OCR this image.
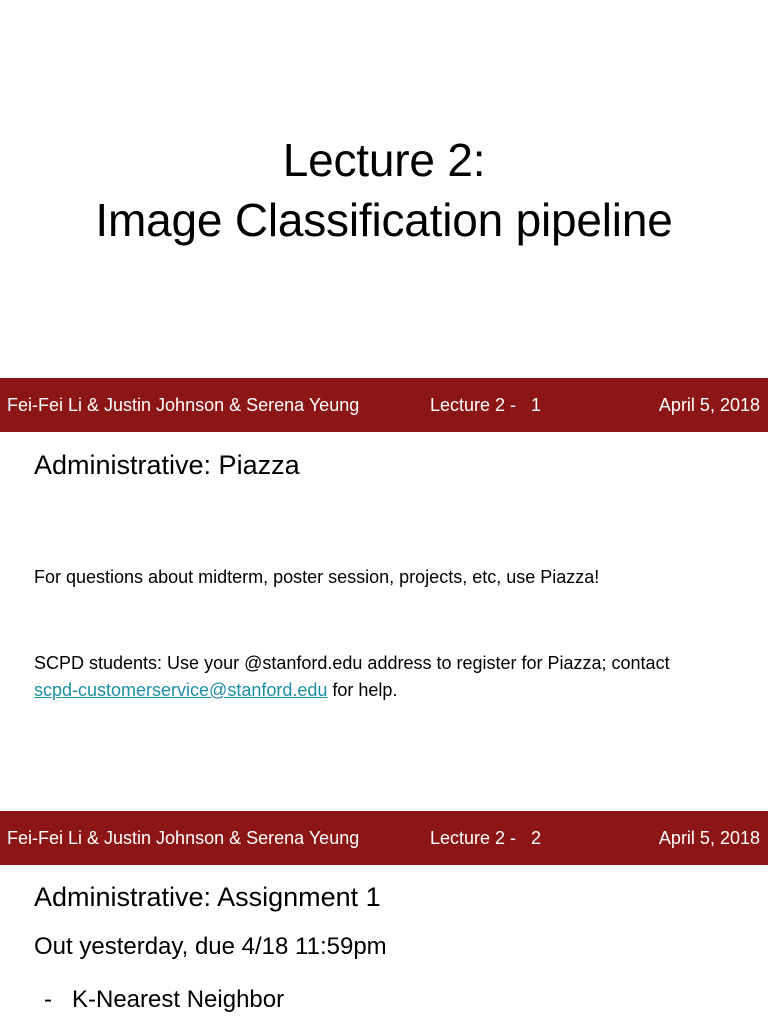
Lecture 2:
Image Classification pipeline
Fei-Fei Li & Justin Johnson & Serena Yeung	Lecture 2 -   1	April 5, 2018
Administrative: Piazza
For questions about midterm, poster session, projects, etc, use Piazza!
SCPD students: Use your @stanford.edu address to register for Piazza; contact
scpd-customerservice@stanford.edu for help.
Fei-Fei Li & Justin Johnson & Serena Yeung	Lecture 2 -   2	April 5, 2018
Administrative: Assignment 1
Out yesterday, due 4/18 11:59pm
- K-Nearest Neighbor
